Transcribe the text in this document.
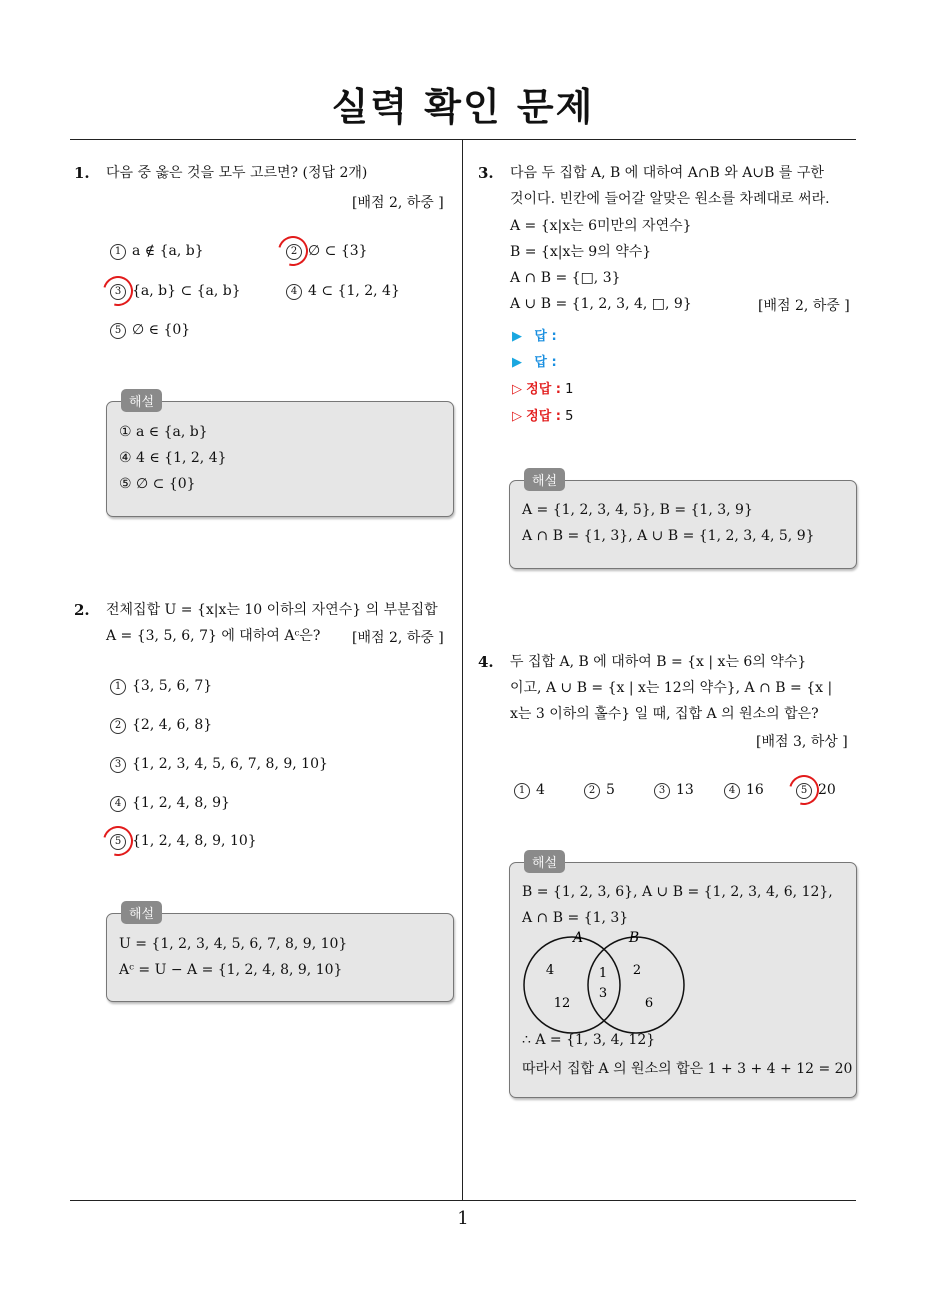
실력 확인 문제
1
1. 다음 중 옳은 것을 모두 고르면? (정답 2개)
[배점 2, 하중 ]
1 a ∉ {a, b}	2 ∅ ⊂ {3}
3 {a, b} ⊂ {a, b}	4 4 ⊂ {1, 2, 4}
5 ∅ ∈ {0}
해설
① a ∈ {a, b}
④ 4 ∈ {1, 2, 4}
⑤ ∅ ⊂ {0}
2. 전체집합 U = {x|x는 10 이하의 자연수} 의 부분집합
A = {3, 5, 6, 7} 에 대하여 Aᶜ은? [배점 2, 하중 ]
1 {3, 5, 6, 7}
2 {2, 4, 6, 8}
3 {1, 2, 3, 4, 5, 6, 7, 8, 9, 10}
4 {1, 2, 4, 8, 9}
5 {1, 2, 4, 8, 9, 10}
해설
U = {1, 2, 3, 4, 5, 6, 7, 8, 9, 10}
Aᶜ = U − A = {1, 2, 4, 8, 9, 10}
3. 다음 두 집합 A, B 에 대하여 A∩B 와 A∪B 를 구한
것이다. 빈칸에 들어갈 알맞은 원소를 차례대로 써라.
A = {x|x는 6미만의 자연수}
B = {x|x는 9의 약수}
A ∩ B = {□, 3}
A ∪ B = {1, 2, 3, 4, □, 9}	[배점 2, 하중 ]
▶ 답 :
▶ 답 :
▷ 정답 : 1
▷ 정답 : 5
해설
A = {1, 2, 3, 4, 5}, B = {1, 3, 9}
A ∩ B = {1, 3}, A ∪ B = {1, 2, 3, 4, 5, 9}
4. 두 집합 A, B 에 대하여 B = {x | x는 6의 약수}
이고, A ∪ B = {x | x는 12의 약수}, A ∩ B = {x |
x는 3 이하의 홀수} 일 때, 집합 A 의 원소의 합은?
[배점 3, 하상 ]
1 4	2 5	3 13	4 16	5 20
해설
B = {1, 2, 3, 6}, A ∪ B = {1, 2, 3, 4, 6, 12},
A ∩ B = {1, 3}
A	B
4
12
1
3
2
6
∴ A = {1, 3, 4, 12}
따라서 집합 A 의 원소의 합은 1 + 3 + 4 + 12 = 20
